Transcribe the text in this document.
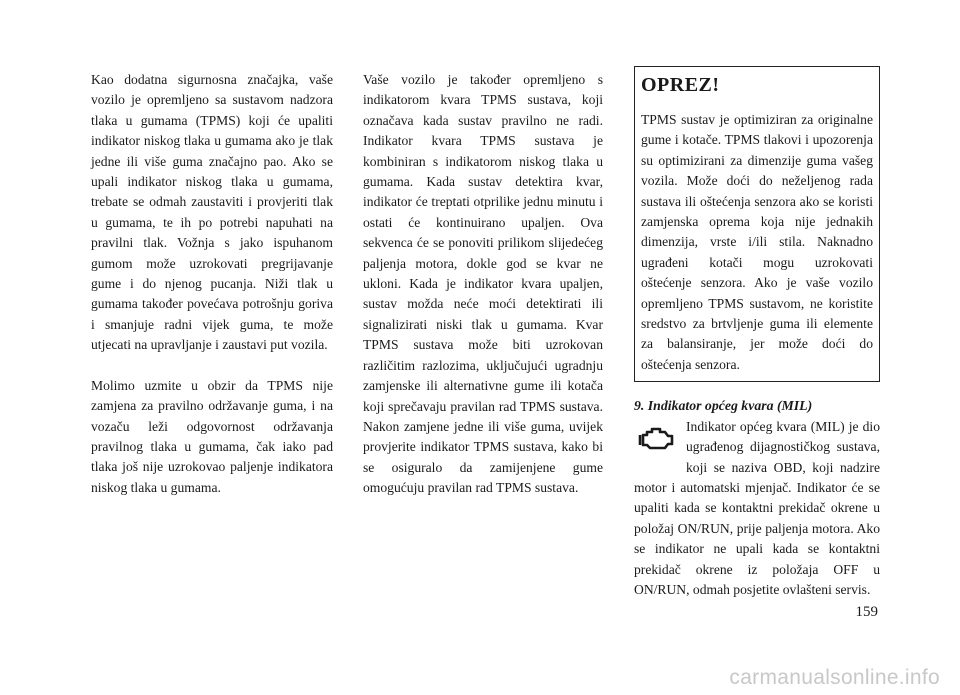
Kao dodatna sigurnosna značajka, vaše vozilo je opremljeno sa sustavom nadzora tlaka u gumama (TPMS) koji će upaliti indikator niskog tlaka u gumama ako je tlak jedne ili više guma značajno pao. Ako se upali indikator niskog tlaka u gumama, trebate se odmah zaustaviti i provjeriti tlak u gumama, te ih po potrebi napuhati na pravilni tlak. Vožnja s jako ispuhanom gumom može uzrokovati pregrijavanje gume i do njenog pucanja. Niži tlak u gumama također povećava potrošnju goriva i smanjuje radni vijek guma, te može utjecati na upravljanje i zaustavi put vozila.

Molimo uzmite u obzir da TPMS nije zamjena za pravilno održavanje guma, i na vozaču leži odgovornost održavanja pravilnog tlaka u gumama, čak iako pad tlaka još nije uzrokovao paljenje indikatora niskog tlaka u gumama.

Vaše vozilo je također opremljeno s indikatorom kvara TPMS sustava, koji označava kada sustav pravilno ne radi. Indikator kvara TPMS sustava je kombiniran s indikatorom niskog tlaka u gumama. Kada sustav detektira kvar, indikator će treptati otprilike jednu minutu i ostati će kontinuirano upaljen. Ova sekvenca će se ponoviti prilikom slijedećeg paljenja motora, dokle god se kvar ne ukloni. Kada je indikator kvara upaljen, sustav možda neće moći detektirati ili signalizirati niski tlak u gumama. Kvar TPMS sustava može biti uzrokovan različitim razlozima, uključujući ugradnju zamjenske ili alternativne gume ili kotača koji sprečavaju pravilan rad TPMS sustava. Nakon zamjene jedne ili više guma, uvijek provjerite indikator TPMS sustava, kako bi se osiguralo da zamijenjene gume omogućuju pravilan rad TPMS sustava.

OPREZ!
TPMS sustav je optimiziran za originalne gume i kotače. TPMS tlakovi i upozorenja su optimizirani za dimenzije guma vašeg vozila. Može doći do neželjenog rada sustava ili oštećenja senzora ako se koristi zamjenska oprema koja nije jednakih dimenzija, vrste i/ili stila. Naknadno ugrađeni kotači mogu uzrokovati oštećenje senzora. Ako je vaše vozilo opremljeno TPMS sustavom, ne koristite sredstvo za brtvljenje guma ili elemente za balansiranje, jer može doći do oštećenja senzora.
9. Indikator općeg kvara (MIL)
Indikator općeg kvara (MIL) je dio ugrađenog dijagnostičkog sustava, koji se naziva OBD, koji nadzire motor i automatski mjenjač. Indikator će se upaliti kada se kontaktni prekidač okrene u položaj ON/RUN, prije paljenja motora. Ako se indikator ne upali kada se kontaktni prekidač okrene iz položaja OFF u ON/RUN, odmah posjetite ovlašteni servis.
159
carmanualsonline.info
